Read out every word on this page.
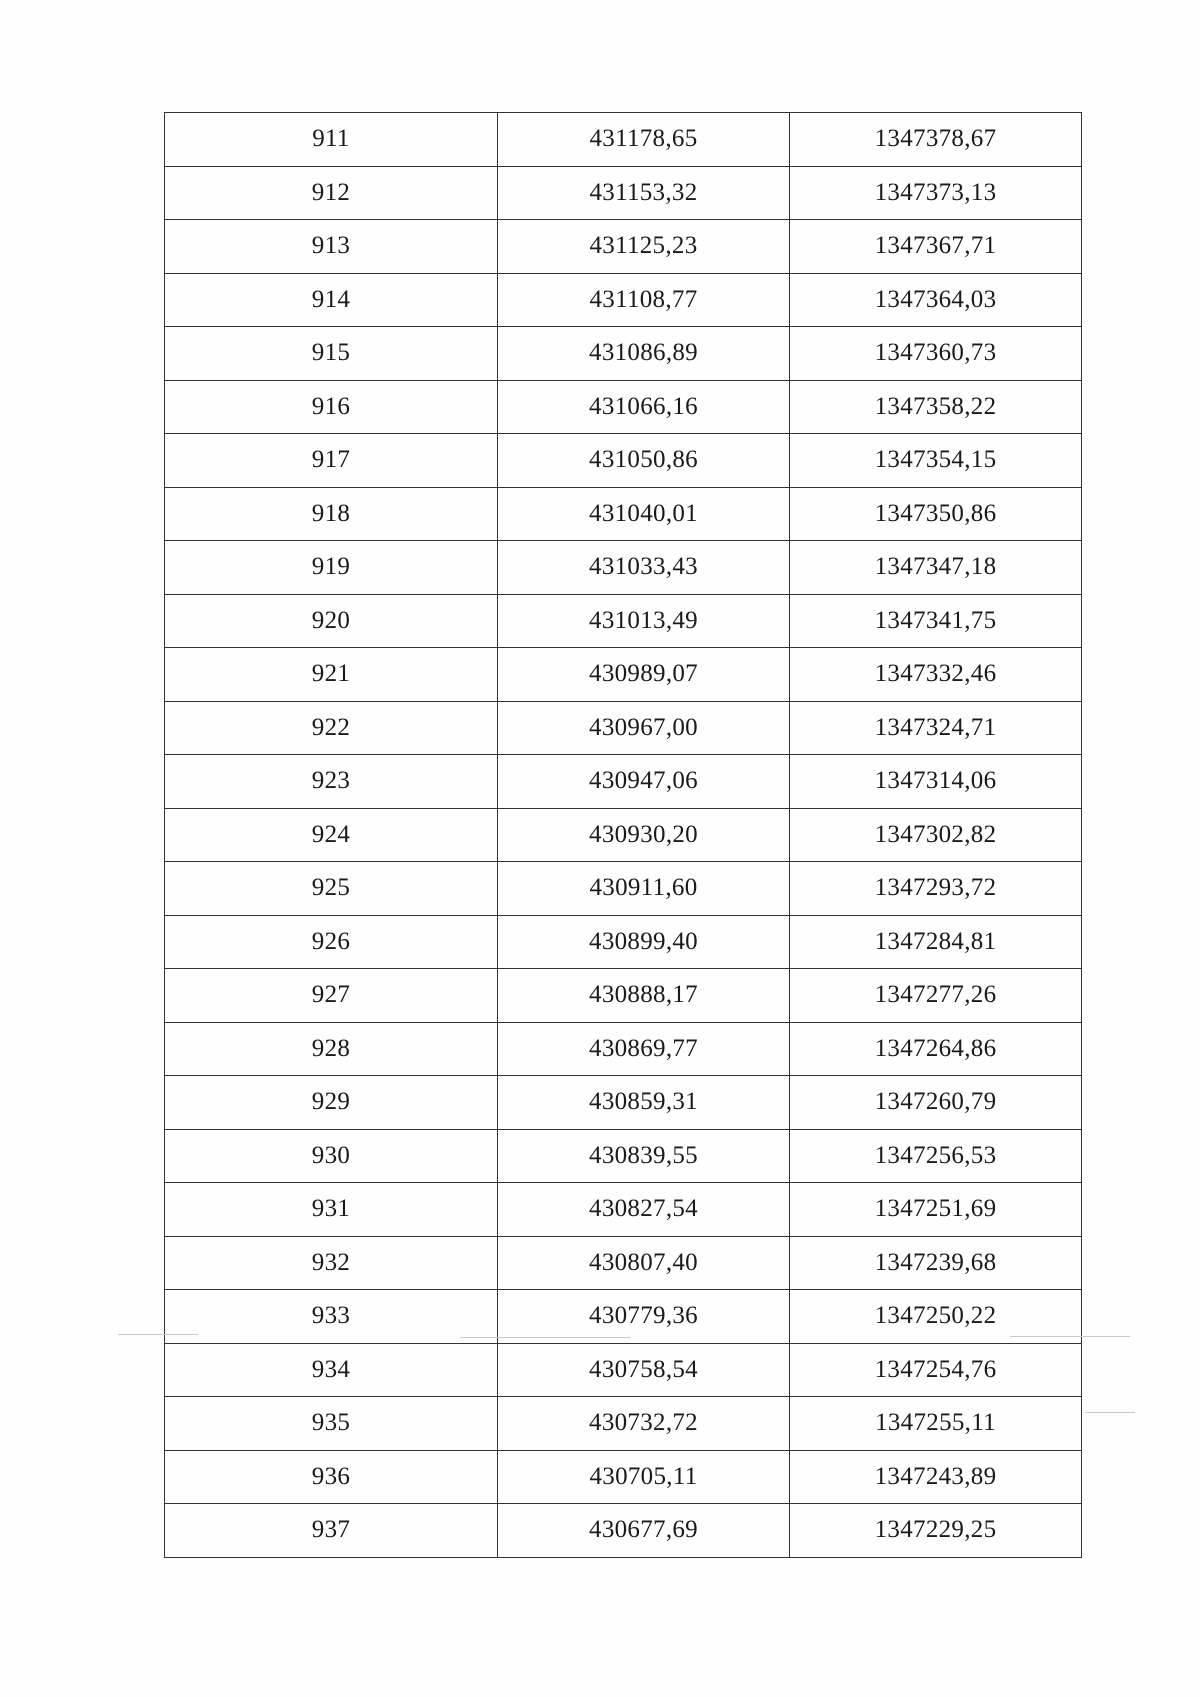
911	431178,65	1347378,67
912	431153,32	1347373,13
913	431125,23	1347367,71
914	431108,77	1347364,03
915	431086,89	1347360,73
916	431066,16	1347358,22
917	431050,86	1347354,15
918	431040,01	1347350,86
919	431033,43	1347347,18
920	431013,49	1347341,75
921	430989,07	1347332,46
922	430967,00	1347324,71
923	430947,06	1347314,06
924	430930,20	1347302,82
925	430911,60	1347293,72
926	430899,40	1347284,81
927	430888,17	1347277,26
928	430869,77	1347264,86
929	430859,31	1347260,79
930	430839,55	1347256,53
931	430827,54	1347251,69
932	430807,40	1347239,68
933	430779,36	1347250,22
934	430758,54	1347254,76
935	430732,72	1347255,11
936	430705,11	1347243,89
937	430677,69	1347229,25
